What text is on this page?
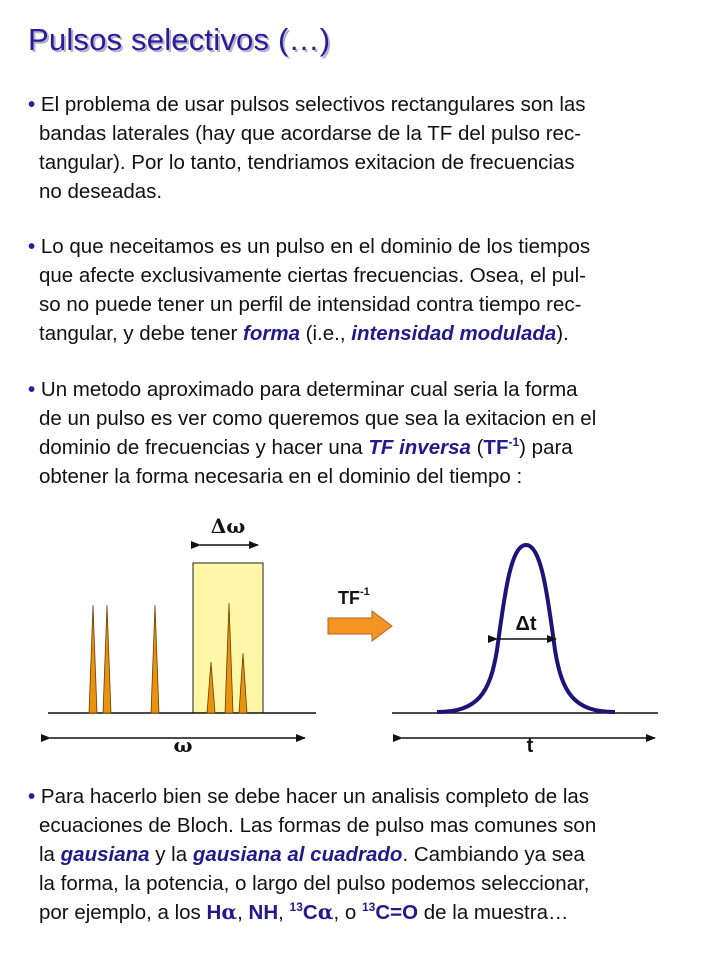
Pulsos selectivos (…)
• El problema de usar pulsos selectivos rectangulares son las
bandas laterales (hay que acordarse de la TF del pulso rec-
tangular). Por lo tanto, tendriamos exitacion de frecuencias
no deseadas.
• Lo que neceitamos es un pulso en el dominio de los tiempos
que afecte exclusivamente ciertas frecuencias. Osea, el pul-
so no puede tener un perfil de intensidad contra tiempo rec-
tangular, y debe tener forma (i.e., intensidad modulada).
• Un metodo aproximado para determinar cual seria la forma
de un pulso es ver como queremos que sea la exitacion en el
dominio de frecuencias y hacer una TF inversa $(TF^{-1})$ para
obtener la forma necesaria en el dominio del tiempo :
Δω
ω
$TF^{-1}$
Δt
t
• Para hacerlo bien se debe hacer un analisis completo de las
ecuaciones de Bloch. Las formas de pulso mas comunes son
la gausiana y la gausiana al cuadrado. Cambiando ya sea
la forma, la potencia, o largo del pulso podemos seleccionar,
por ejemplo, a los Hα, NH, $^{13}$Cα, o $^{13}$C=O de la muestra…
